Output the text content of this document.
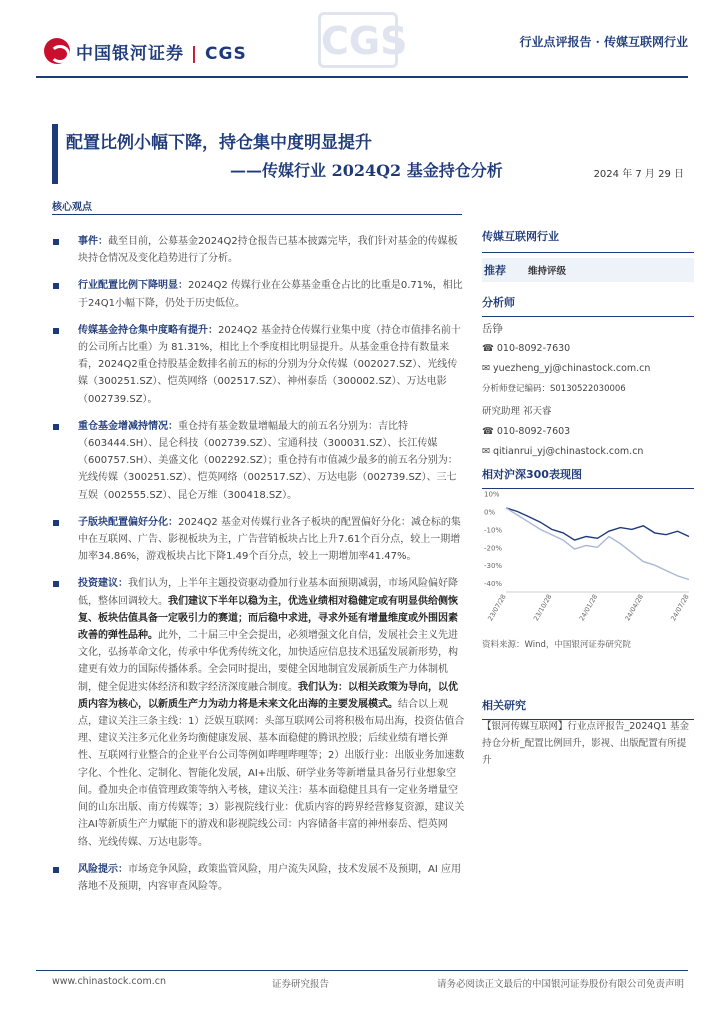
中国银河证券 | CGS CGS	行业点评报告 · 传媒互联网行业
配置比例小幅下降，持仓集中度明显提升
——传媒行业 2024Q2 基金持仓分析	2024 年 7 月 29 日
核心观点
事件：截至目前，公募基金2024Q2持仓报告已基本披露完毕，我们针对基金的传媒板块持仓情况及变化趋势进行了分析。
行业配置比例下降明显：2024Q2 传媒行业在公募基金重仓占比的比重是0.71%，相比于24Q1小幅下降，仍处于历史低位。
传媒基金持仓集中度略有提升：2024Q2 基金持仓传媒行业集中度（持仓市值排名前十的公司所占比重）为 81.31%，相比上个季度相比明显提升。从基金重仓持有数量来看，2024Q2重仓持股基金数排名前五的标的分别为分众传媒（002027.SZ）、光线传媒（300251.SZ）、恺英网络（002517.SZ）、神州泰岳（300002.SZ）、万达电影（002739.SZ）。
重仓基金增减持情况：重仓持有基金数量增幅最大的前五名分别为：吉比特（603444.SH）、昆仑科技（002739.SZ）、宝通科技（300031.SZ）、长江传媒（600757.SH）、美盛文化（002292.SZ）；重仓持有市值减少最多的前五名分别为：光线传媒（300251.SZ）、恺英网络（002517.SZ）、万达电影（002739.SZ）、三七互娱（002555.SZ）、昆仑万维（300418.SZ）。
子版块配置偏好分化：2024Q2 基金对传媒行业各子板块的配置偏好分化：减仓标的集中在互联网、广告、影视板块为主，广告营销板块占比上升7.61个百分点，较上一期增加率34.86%，游戏板块占比下降1.49个百分点，较上一期增加率41.47%。
投资建议：我们认为，上半年主题投资驱动叠加行业基本面预期减弱，市场风险偏好降低，整体回调较大。我们建议下半年以稳为主，优选业绩相对稳健定或有明显供给侧恢复、板块估值具备一定吸引力的赛道；而后稳中求进，寻求外延有增量维度或外围因素改善的弹性品种。此外，二十届三中全会提出，必须增强文化自信，发展社会主义先进文化，弘扬革命文化，传承中华优秀传统文化，加快适应信息技术迅猛发展新形势，构建更有效力的国际传播体系。全会同时提出，要健全因地制宜发展新质生产力体制机制，健全促进实体经济和数字经济深度融合制度。我们认为：以相关政策为导向，以优质内容为核心，以新质生产力为动力将是未来文化出海的主要发展模式。结合以上观点，建议关注三条主线：1）泛娱互联网：头部互联网公司将积极布局出海，投资估值合理、建议关注多元化业务均衡健康发展、基本面稳健的腾讯控股；后续业绩有增长弹性、互联网行业整合的企业平台公司等例如哔哩哔哩等；2）出版行业：出版业务加速数字化、个性化、定制化、智能化发展，AI+出版、研学业务等新增量具备另行业想象空间。叠加央企市值管理政策等纳入考核，建议关注：基本面稳健且具有一定业务增量空间的山东出版、南方传媒等；3）影视院线行业：优质内容的跨界经营修复资源，建议关注AI等新质生产力赋能下的游戏和影视院线公司：内容储备丰富的神州泰岳、恺英网络、光线传媒、万达电影等。
风险提示：市场竞争风险，政策监管风险，用户流失风险，技术发展不及预期，AI 应用落地不及预期，内容审查风险等。
传媒互联网行业
推荐 维持评级
分析师
岳铮
☎ 010-8092-7630
✉ yuezheng_yj@chinastock.com.cn
分析师登记编码：S0130522030006
研究助理 祁天睿
☎ 010-8092-7603
✉ qitianrui_yj@chinastock.com.cn
相对沪深300表现图
10%
0%
-10%
-20%
-30%
-40%
23/07/28	23/10/28	24/01/28	24/04/28	24/07/28
资料来源：Wind，中国银河证券研究院
相关研究
【银河传媒互联网】行业点评报告_2024Q1 基金持仓分析_配置比例回升，影视、出版配置有所提升
www.chinastock.com.cn	证券研究报告	请务必阅读正文最后的中国银河证券股份有限公司免责声明
